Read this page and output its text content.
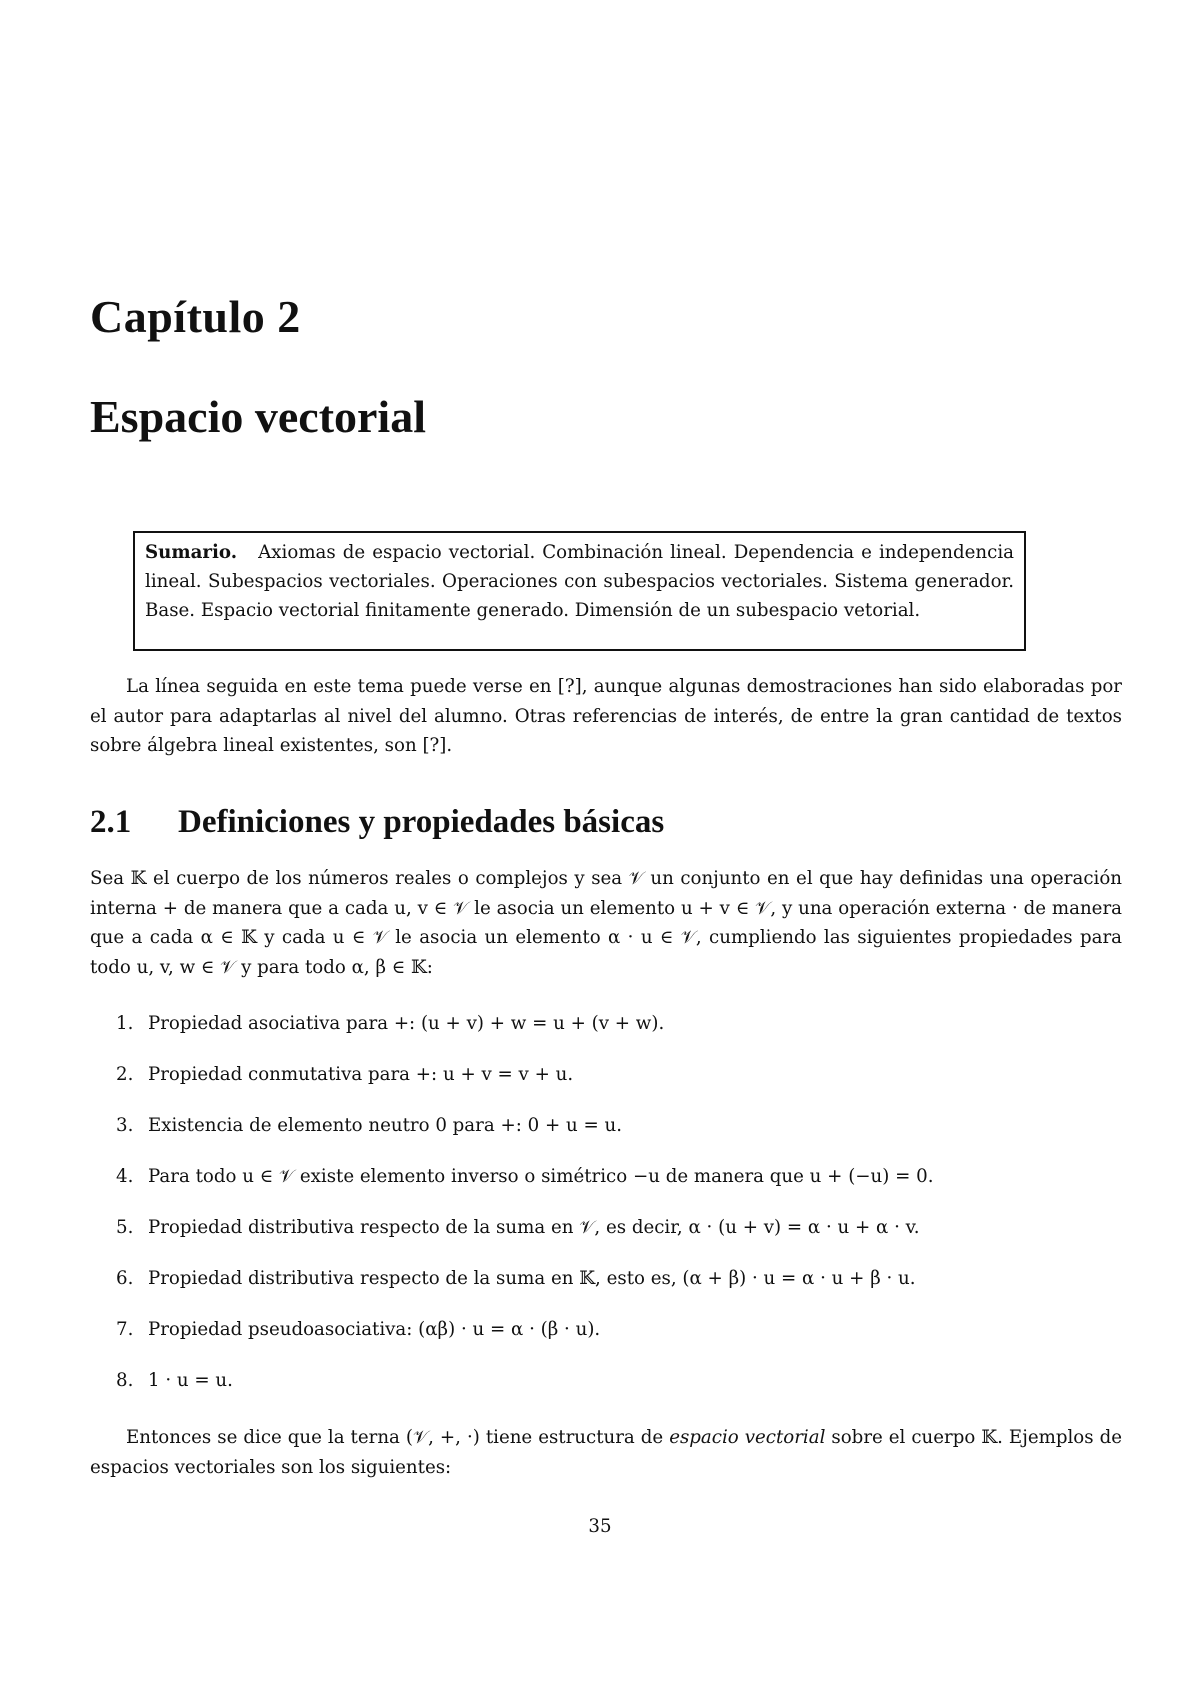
Capítulo 2
Espacio vectorial
Sumario. Axiomas de espacio vectorial. Combinación lineal. Dependencia e independencia lineal. Subespacios vectoriales. Operaciones con subespacios vectoriales. Sistema generador. Base. Espacio vectorial finitamente generado. Dimensión de un subespacio vetorial.

La línea seguida en este tema puede verse en [?], aunque algunas demostraciones han sido elaboradas por el autor para adaptarlas al nivel del alumno. Otras referencias de interés, de entre la gran cantidad de textos sobre álgebra lineal existentes, son [?].

2.1 Definiciones y propiedades básicas

Sea 𝕂 el cuerpo de los números reales o complejos y sea 𝒱 un conjunto en el que hay definidas una operación interna + de manera que a cada u, v ∈ 𝒱 le asocia un elemento u + v ∈ 𝒱, y una operación externa · de manera que a cada α ∈ 𝕂 y cada u ∈ 𝒱 le asocia un elemento α · u ∈ 𝒱, cumpliendo las siguientes propiedades para todo u, v, w ∈ 𝒱 y para todo α, β ∈ 𝕂:

1. Propiedad asociativa para +: (u + v) + w = u + (v + w).
2. Propiedad conmutativa para +: u + v = v + u.
3. Existencia de elemento neutro 0 para +: 0 + u = u.
4. Para todo u ∈ 𝒱 existe elemento inverso o simétrico −u de manera que u + (−u) = 0.
5. Propiedad distributiva respecto de la suma en 𝒱, es decir, α · (u + v) = α · u + α · v.
6. Propiedad distributiva respecto de la suma en 𝕂, esto es, (α + β) · u = α · u + β · u.
7. Propiedad pseudoasociativa: (αβ) · u = α · (β · u).
8. 1 · u = u.

Entonces se dice que la terna (𝒱, +, ·) tiene estructura de espacio vectorial sobre el cuerpo 𝕂. Ejemplos de espacios vectoriales son los siguientes:

35
